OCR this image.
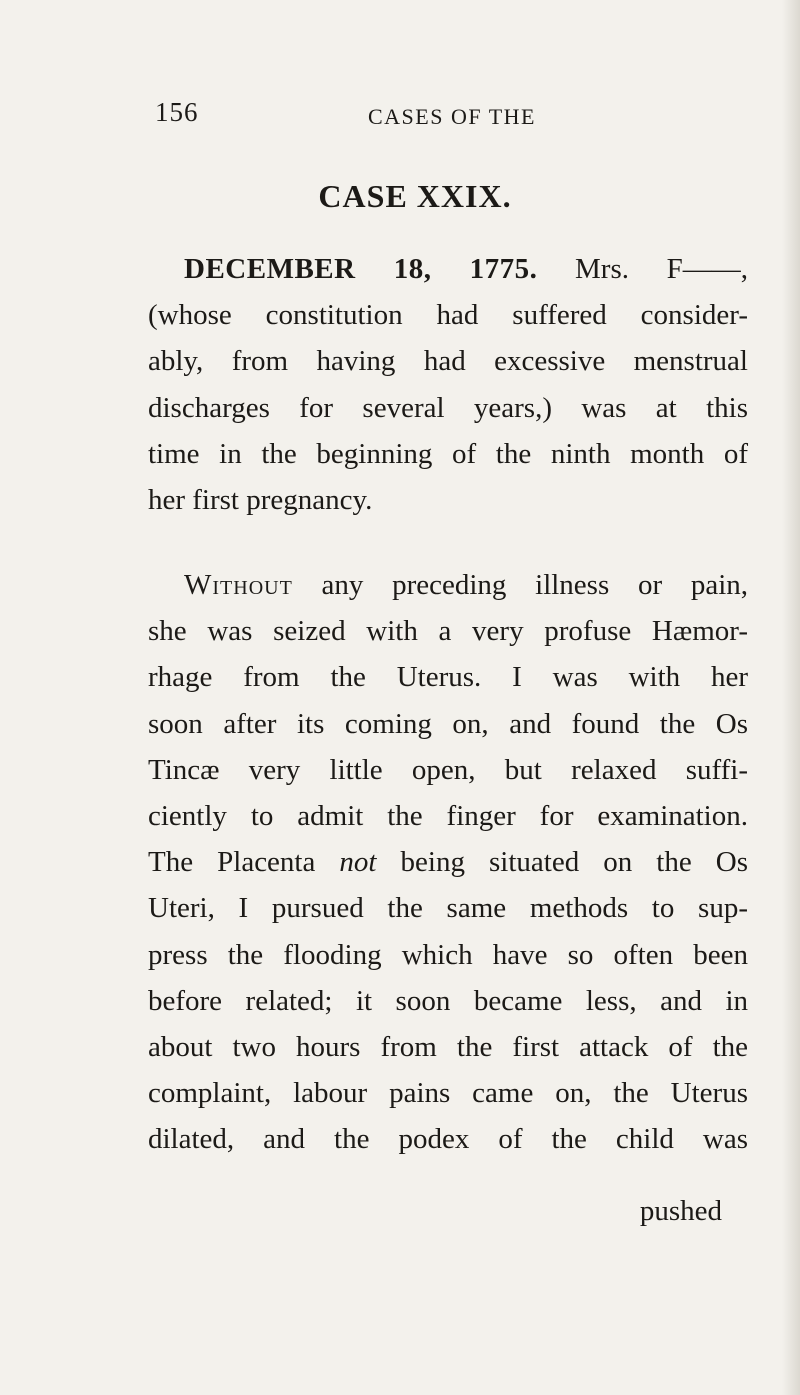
156	CASES OF THE
CASE XXIX.
DECEMBER 18, 1775. Mrs. F——,
(whose constitution had suffered consider-
ably, from having had excessive menstrual
discharges for several years,) was at this
time in the beginning of the ninth month of
her first pregnancy.
Without any preceding illness or pain,
she was seized with a very profuse Hæmor-
rhage from the Uterus. I was with her
soon after its coming on, and found the Os
Tincæ very little open, but relaxed suffi-
ciently to admit the finger for examination.
The Placenta not being situated on the Os
Uteri, I pursued the same methods to sup-
press the flooding which have so often been
before related; it soon became less, and in
about two hours from the first attack of the
complaint, labour pains came on, the Uterus
dilated, and the podex of the child was
pushed
